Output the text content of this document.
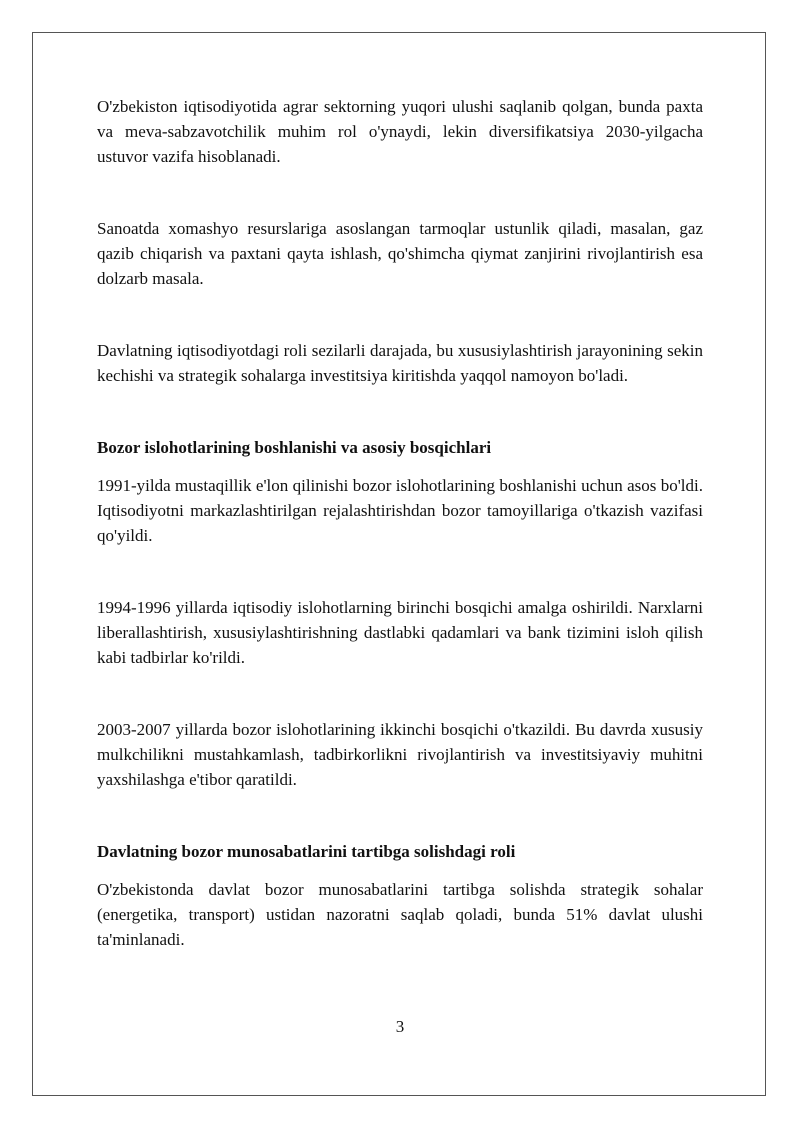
O'zbekiston iqtisodiyotida agrar sektorning yuqori ulushi saqlanib qolgan, bunda paxta va meva-sabzavotchilik muhim rol o'ynaydi, lekin diversifikatsiya 2030-yilgacha ustuvor vazifa hisoblanadi.

Sanoatda xomashyo resurslariga asoslangan tarmoqlar ustunlik qiladi, masalan, gaz qazib chiqarish va paxtani qayta ishlash, qo'shimcha qiymat zanjirini rivojlantirish esa dolzarb masala.

Davlatning iqtisodiyotdagi roli sezilarli darajada, bu xususiylashtirish jarayonining sekin kechishi va strategik sohalarga investitsiya kiritishda yaqqol namoyon bo'ladi.

Bozor islohotlarining boshlanishi va asosiy bosqichlari

1991-yilda mustaqillik e'lon qilinishi bozor islohotlarining boshlanishi uchun asos bo'ldi. Iqtisodiyotni markazlashtirilgan rejalashtirishdan bozor tamoyillariga o'tkazish vazifasi qo'yildi.

1994-1996 yillarda iqtisodiy islohotlarning birinchi bosqichi amalga oshirildi. Narxlarni liberallashtirish, xususiylashtirishning dastlabki qadamlari va bank tizimini isloh qilish kabi tadbirlar ko'rildi.

2003-2007 yillarda bozor islohotlarining ikkinchi bosqichi o'tkazildi. Bu davrda xususiy mulkchilikni mustahkamlash, tadbirkorlikni rivojlantirish va investitsiyaviy muhitni yaxshilashga e'tibor qaratildi.

Davlatning bozor munosabatlarini tartibga solishdagi roli

O'zbekistonda davlat bozor munosabatlarini tartibga solishda strategik sohalar (energetika, transport) ustidan nazoratni saqlab qoladi, bunda 51% davlat ulushi ta'minlanadi.

3
